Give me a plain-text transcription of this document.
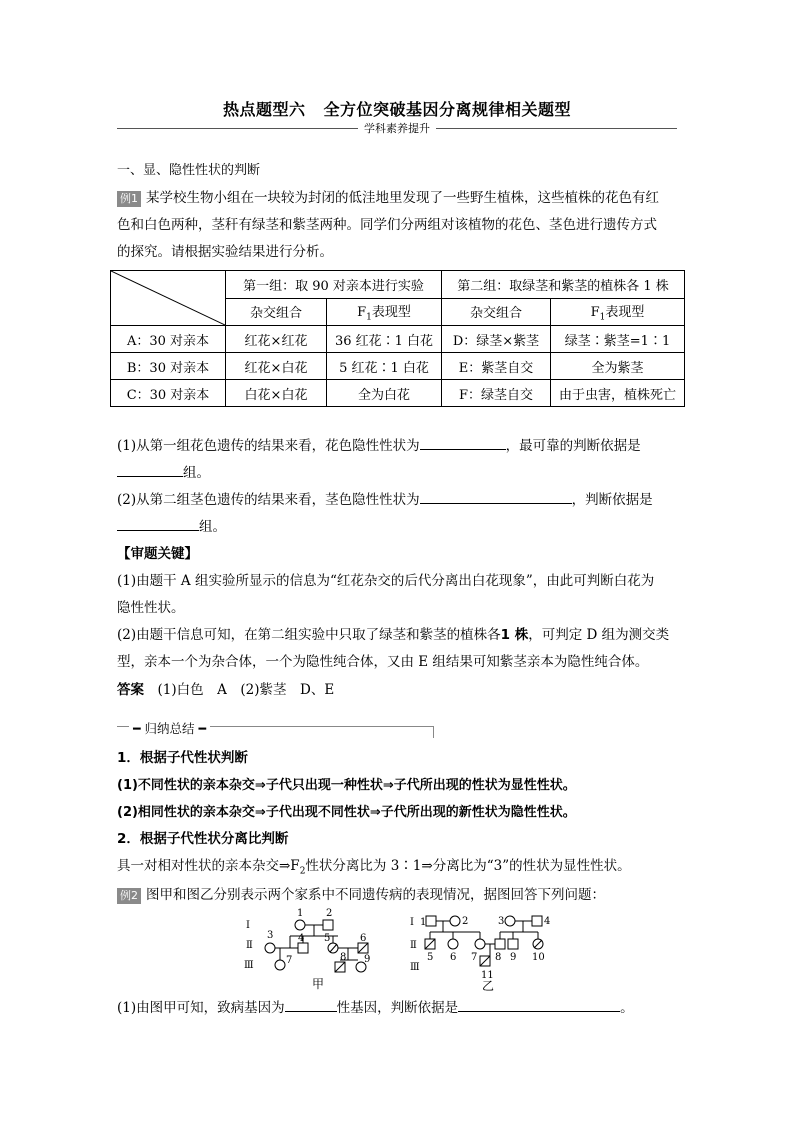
热点题型六 全方位突破基因分离规律相关题型
学科素养提升
一、显、隐性性状的判断
例1 某学校生物小组在一块较为封闭的低洼地里发现了一些野生植株，这些植株的花色有红
色和白色两种，茎秆有绿茎和紫茎两种。同学们分两组对该植物的花色、茎色进行遗传方式
的探究。请根据实验结果进行分析。
	第一组：取 90 对亲本进行实验		第二组：取绿茎和紫茎的植株各 1 株	
	杂交组合	$F_1$表现型	杂交组合	$F_1$表现型
A：30 对亲本	红花×红花	36 红花∶1 白花	D：绿茎×紫茎	绿茎∶紫茎=1∶1
B：30 对亲本	红花×白花	5 红花∶1 白花	E：紫茎自交	全为紫茎
C：30 对亲本	白花×白花	全为白花	F：绿茎自交	由于虫害，植株死亡
(1)从第一组花色遗传的结果来看，花色隐性性状为	，最可靠的判断依据是
组。
(2)从第二组茎色遗传的结果来看，茎色隐性性状为	，判断依据是
组。
【审题关键】
(1)由题干 A 组实验所显示的信息为“红花杂交的后代分离出白花现象”，由此可判断白花为
隐性性状。
(2)由题干信息可知，在第二组实验中只取了绿茎和紫茎的植株各1 株，可判定 D 组为测交类
型，亲本一个为杂合体，一个为隐性纯合体，又由 E 组结果可知紫茎亲本为隐性纯合体。
答案　 (1)白色　A　(2)紫茎　D、E
━ 归纳总结 ━
1．根据子代性状判断
(1)不同性状的亲本杂交⇒子代只出现一种性状⇒子代所出现的性状为显性性状。
(2)相同性状的亲本杂交⇒子代出现不同性状⇒子代所出现的新性状为隐性性状。
2．根据子代性状分离比判断
具一对相对性状的亲本杂交$\Rightarrow F_2$性状分离比为 3∶1⇒分离比为“3”的性状为显性性状。
例2 图甲和图乙分别表示两个家系中不同遗传病的表现情况，据图回答下列问题：
Ⅰ
Ⅱ
Ⅲ
1 2
3 4 5	6
7	8 9
甲
Ⅰ
Ⅱ
Ⅲ
1	2	3	4
5 6 7 8 9 10
11
乙
(1)由图甲可知，致病基因为	性基因，判断依据是	。
